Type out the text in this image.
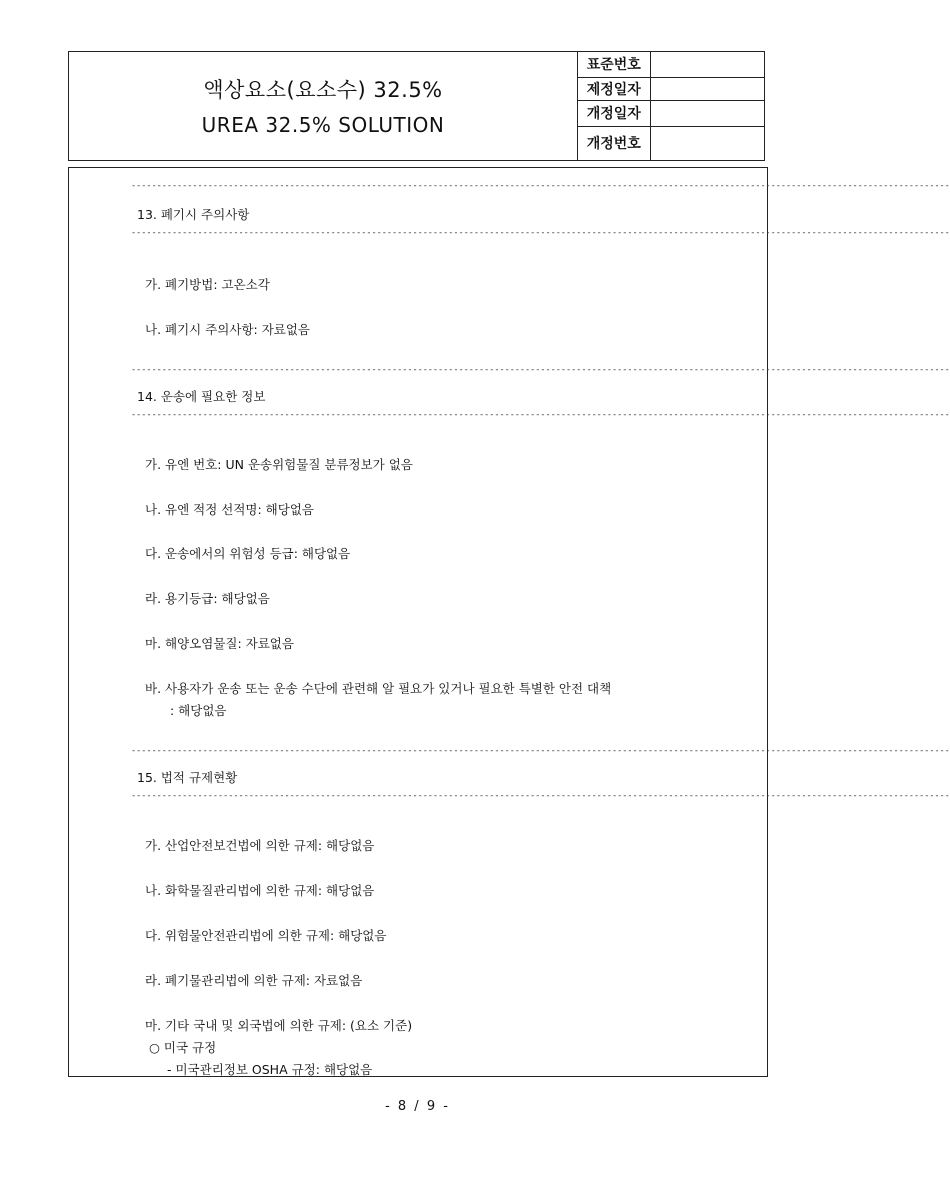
액상요소(요소수) 32.5%
UREA 32.5% SOLUTION
표준번호	
제정일자	
개정일자	
개정번호	
----------------------------------------------------------------------------------------------------------------------------------------------------------------
13. 폐기시 주의사항
----------------------------------------------------------------------------------------------------------------------------------------------------------------
가. 폐기방법: 고온소각
나. 폐기시 주의사항: 자료없음
----------------------------------------------------------------------------------------------------------------------------------------------------------------
14. 운송에 필요한 정보
----------------------------------------------------------------------------------------------------------------------------------------------------------------
가. 유엔 번호: UN 운송위험물질 분류정보가 없음
나. 유엔 적정 선적명: 해당없음
다. 운송에서의 위험성 등급: 해당없음
라. 용기등급: 해당없음
마. 해양오염물질: 자료없음
바. 사용자가 운송 또는 운송 수단에 관련해 알 필요가 있거나 필요한 특별한 안전 대책
: 해당없음
----------------------------------------------------------------------------------------------------------------------------------------------------------------
15. 법적 규제현황
----------------------------------------------------------------------------------------------------------------------------------------------------------------
가. 산업안전보건법에 의한 규제: 해당없음
나. 화학물질관리법에 의한 규제: 해당없음
다. 위험물안전관리법에 의한 규제: 해당없음
라. 폐기물관리법에 의한 규제: 자료없음
마. 기타 국내 및 외국법에 의한 규제: (요소 기준)
○ 미국 규정
- 미국관리정보 OSHA 규정: 해당없음
- 8 / 9 -
